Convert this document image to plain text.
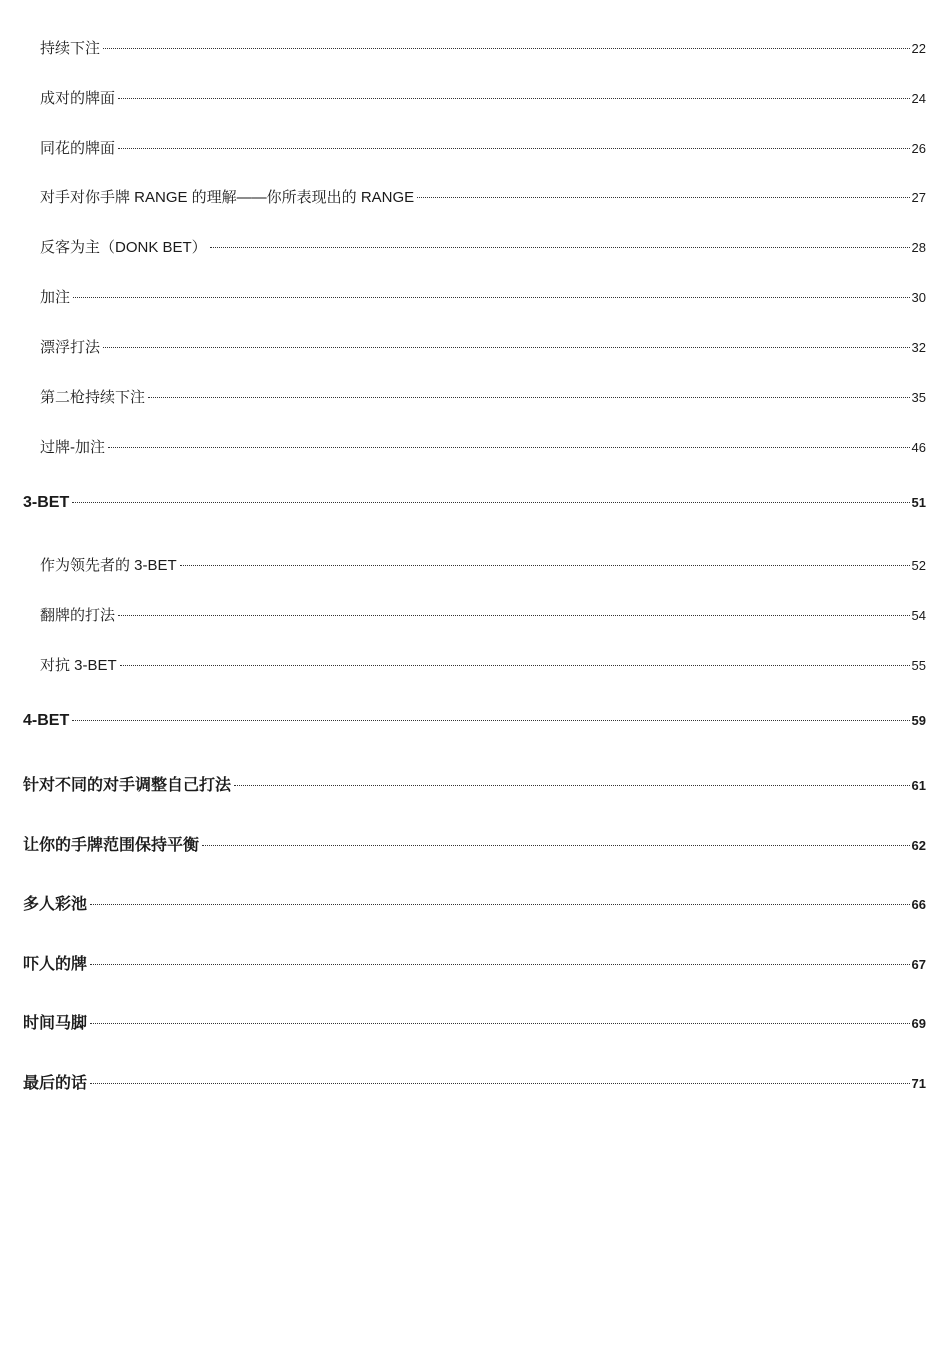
持续下注	22
成对的牌面	24
同花的牌面	26
对手对你手牌 RANGE 的理解——你所表现出的 RANGE	27
反客为主（DONK BET）	28
加注	30
漂浮打法	32
第二枪持续下注	35
过牌-加注	46
3-BET	51
作为领先者的 3-BET	52
翻牌的打法	54
对抗 3-BET	55
4-BET	59
针对不同的对手调整自己打法	61
让你的手牌范围保持平衡	62
多人彩池	66
吓人的牌	67
时间马脚	69
最后的话	71
